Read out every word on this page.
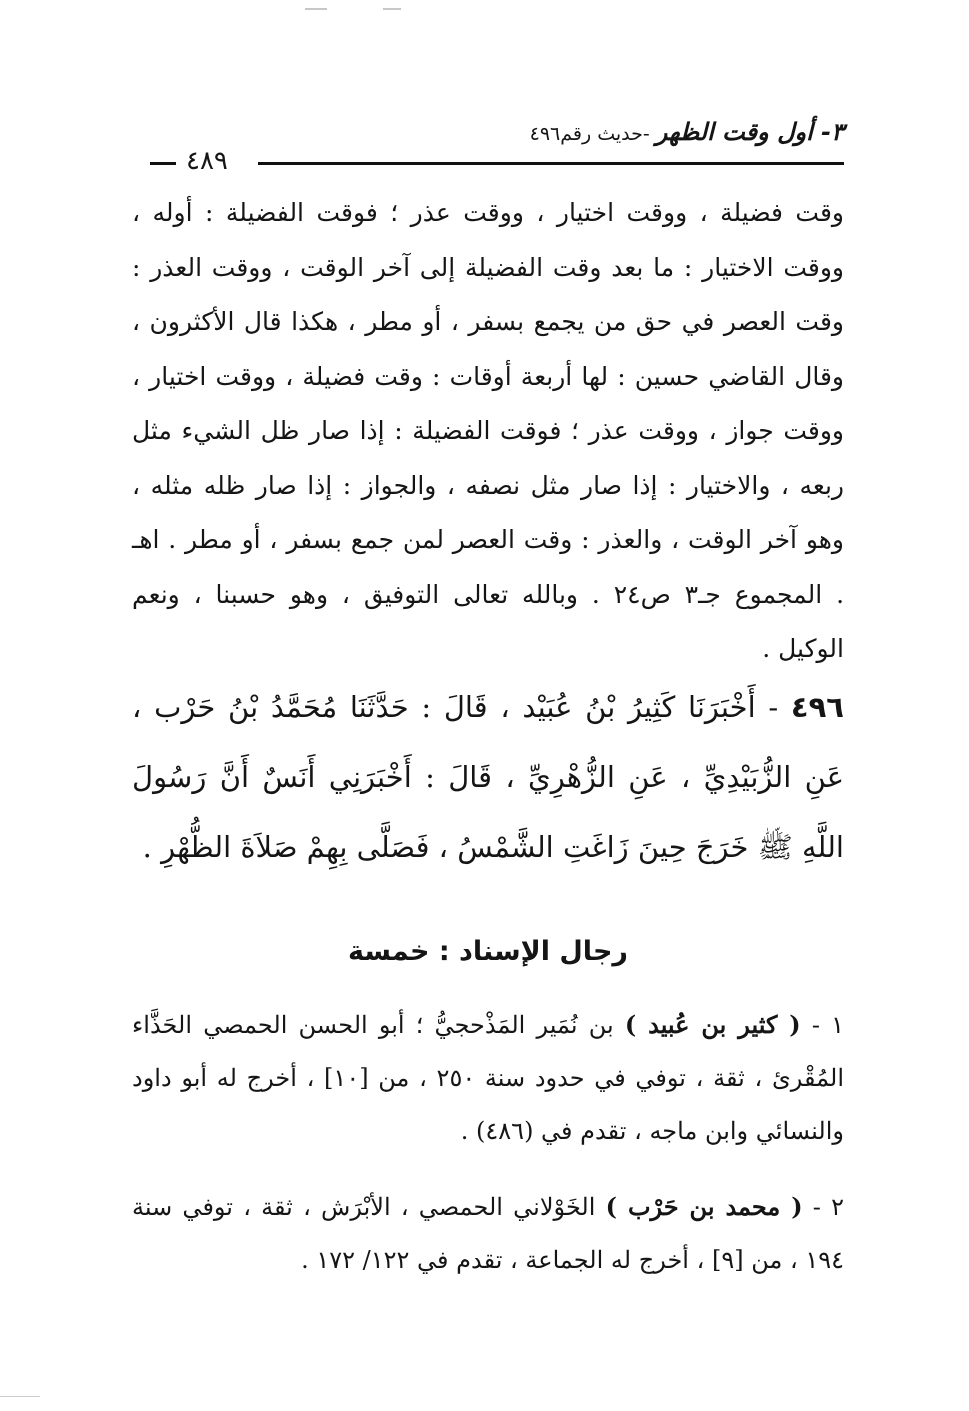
٤٨٩
٣- أول وقت الظهر -حديث رقم٤٩٦

وقت فضيلة ، ووقت اختيار ، ووقت عذر ؛ فوقت الفضيلة : أوله ، ووقت الاختيار : ما بعد وقت الفضيلة إلى آخر الوقت ، ووقت العذر : وقت العصر في حق من يجمع بسفر ، أو مطر ، هكذا قال الأكثرون ، وقال القاضي حسين : لها أربعة أوقات : وقت فضيلة ، ووقت اختيار ، ووقت جواز ، ووقت عذر ؛ فوقت الفضيلة : إذا صار ظل الشيء مثل ربعه ، والاختيار : إذا صار مثل نصفه ، والجواز : إذا صار ظله مثله ، وهو آخر الوقت ، والعذر : وقت العصر لمن جمع بسفر ، أو مطر . اهـ . المجموع جـ٣ ص٢٤ . وبالله تعالى التوفيق ، وهو حسبنا ، ونعم الوكيل .

٤٩٦ - أَخْبَرَنَا كَثِيرُ بْنُ عُبَيْد ، قَالَ : حَدَّثَنَا مُحَمَّدُ بْنُ حَرْب ، عَنِ الزُّبَيْدِيِّ ، عَنِ الزُّهْرِيِّ ، قَالَ : أَخْبَرَنِي أَنَسٌ أَنَّ رَسُولَ اللَّهِ ﷺ خَرَجَ حِينَ زَاغَتِ الشَّمْسُ ، فَصَلَّى بِهِمْ صَلاَةَ الظُّهْرِ .

رجال الإسناد : خمسة

١ - ( كثير بن عُبيد ) بن نُمَير المَذْحجيُّ ؛ أبو الحسن الحمصي الحَذَّاء المُقْرئ ، ثقة ، توفي في حدود سنة ٢٥٠ ، من [١٠] ، أخرج له أبو داود والنسائي وابن ماجه ، تقدم في (٤٨٦) .

٢ - ( محمد بن حَرْب ) الخَوْلاني الحمصي ، الأبْرَش ، ثقة ، توفي سنة ١٩٤ ، من [٩] ، أخرج له الجماعة ، تقدم في ١٢٢/ ١٧٢ .
